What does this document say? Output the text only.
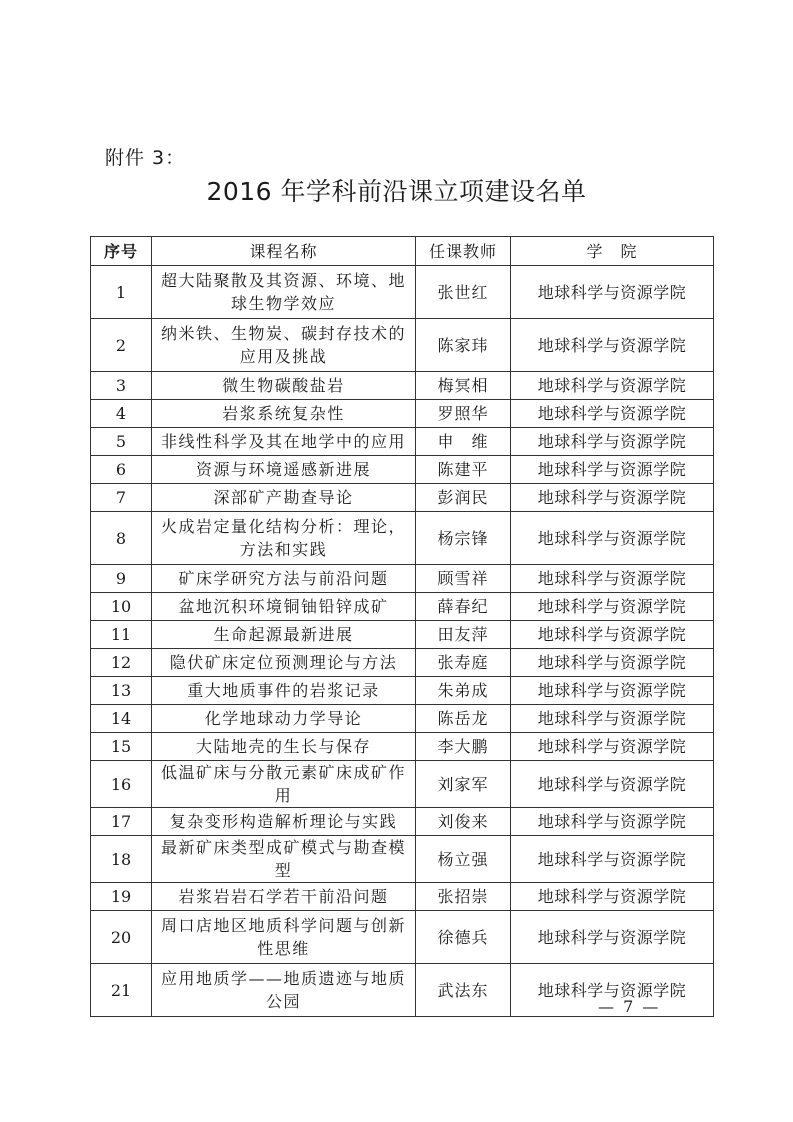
附件 3：
2016 年学科前沿课立项建设名单
序号	课程名称	任课教师	学　院
1	超大陆聚散及其资源、环境、地球生物学效应	张世红	地球科学与资源学院
2	纳米铁、生物炭、碳封存技术的应用及挑战	陈家玮	地球科学与资源学院
3	微生物碳酸盐岩	梅冥相	地球科学与资源学院
4	岩浆系统复杂性	罗照华	地球科学与资源学院
5	非线性科学及其在地学中的应用	申　维	地球科学与资源学院
6	资源与环境遥感新进展	陈建平	地球科学与资源学院
7	深部矿产勘查导论	彭润民	地球科学与资源学院
8	火成岩定量化结构分析：理论，方法和实践	杨宗锋	地球科学与资源学院
9	矿床学研究方法与前沿问题	顾雪祥	地球科学与资源学院
10	盆地沉积环境铜铀铅锌成矿	薛春纪	地球科学与资源学院
11	生命起源最新进展	田友萍	地球科学与资源学院
12	隐伏矿床定位预测理论与方法	张寿庭	地球科学与资源学院
13	重大地质事件的岩浆记录	朱弟成	地球科学与资源学院
14	化学地球动力学导论	陈岳龙	地球科学与资源学院
15	大陆地壳的生长与保存	李大鹏	地球科学与资源学院
16	低温矿床与分散元素矿床成矿作用	刘家军	地球科学与资源学院
17	复杂变形构造解析理论与实践	刘俊来	地球科学与资源学院
18	最新矿床类型成矿模式与勘查模型	杨立强	地球科学与资源学院
19	岩浆岩岩石学若干前沿问题	张招崇	地球科学与资源学院
20	周口店地区地质科学问题与创新性思维	徐德兵	地球科学与资源学院
21	应用地质学——地质遗迹与地质公园	武法东	地球科学与资源学院
— 7 —
